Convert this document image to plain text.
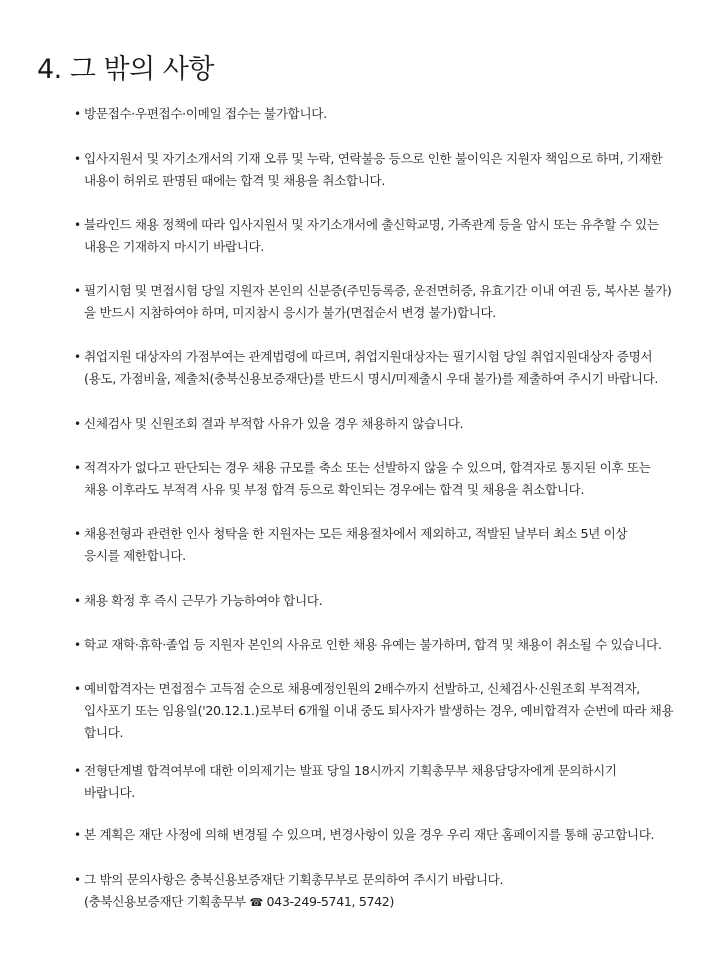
4. 그 밖의 사항
• 방문접수·우편접수·이메일 접수는 불가합니다.
• 입사지원서 및 자기소개서의 기재 오류 및 누락, 연락불응 등으로 인한 불이익은 지원자 책임으로 하며, 기재한
내용이 허위로 판명된 때에는 합격 및 채용을 취소합니다.
• 블라인드 채용 정책에 따라 입사지원서 및 자기소개서에 출신학교명, 가족관계 등을 암시 또는 유추할 수 있는
내용은 기재하지 마시기 바랍니다.
• 필기시험 및 면접시험 당일 지원자 본인의 신분증(주민등록증, 운전면허증, 유효기간 이내 여권 등, 복사본 불가)
을 반드시 지참하여야 하며, 미지참시 응시가 불가(면접순서 변경 불가)합니다.
• 취업지원 대상자의 가점부여는 관계법령에 따르며, 취업지원대상자는 필기시험 당일 취업지원대상자 증명서
(용도, 가점비율, 제출처(충북신용보증재단)를 반드시 명시/미제출시 우대 불가)를 제출하여 주시기 바랍니다.
• 신체검사 및 신원조회 결과 부적합 사유가 있을 경우 채용하지 않습니다.
• 적격자가 없다고 판단되는 경우 채용 규모를 축소 또는 선발하지 않을 수 있으며, 합격자로 통지된 이후 또는
채용 이후라도 부적격 사유 및 부정 합격 등으로 확인되는 경우에는 합격 및 채용을 취소합니다.
• 채용전형과 관련한 인사 청탁을 한 지원자는 모든 채용절차에서 제외하고, 적발된 날부터 최소 5년 이상
응시를 제한합니다.
• 채용 확정 후 즉시 근무가 가능하여야 합니다.
• 학교 재학·휴학·졸업 등 지원자 본인의 사유로 인한 채용 유예는 불가하며, 합격 및 채용이 취소될 수 있습니다.
• 예비합격자는 면접점수 고득점 순으로 채용예정인원의 2배수까지 선발하고, 신체검사·신원조회 부적격자,
입사포기 또는 임용일('20.12.1.)로부터 6개월 이내 중도 퇴사자가 발생하는 경우, 예비합격자 순번에 따라 채용
합니다.
• 전형단계별 합격여부에 대한 이의제기는 발표 당일 18시까지 기획총무부 채용담당자에게 문의하시기
바랍니다.
• 본 계획은 재단 사정에 의해 변경될 수 있으며, 변경사항이 있을 경우 우리 재단 홈페이지를 통해 공고합니다.
• 그 밖의 문의사항은 충북신용보증재단 기획총무부로 문의하여 주시기 바랍니다.
(충북신용보증재단 기획총무부 ☎ 043-249-5741, 5742)
